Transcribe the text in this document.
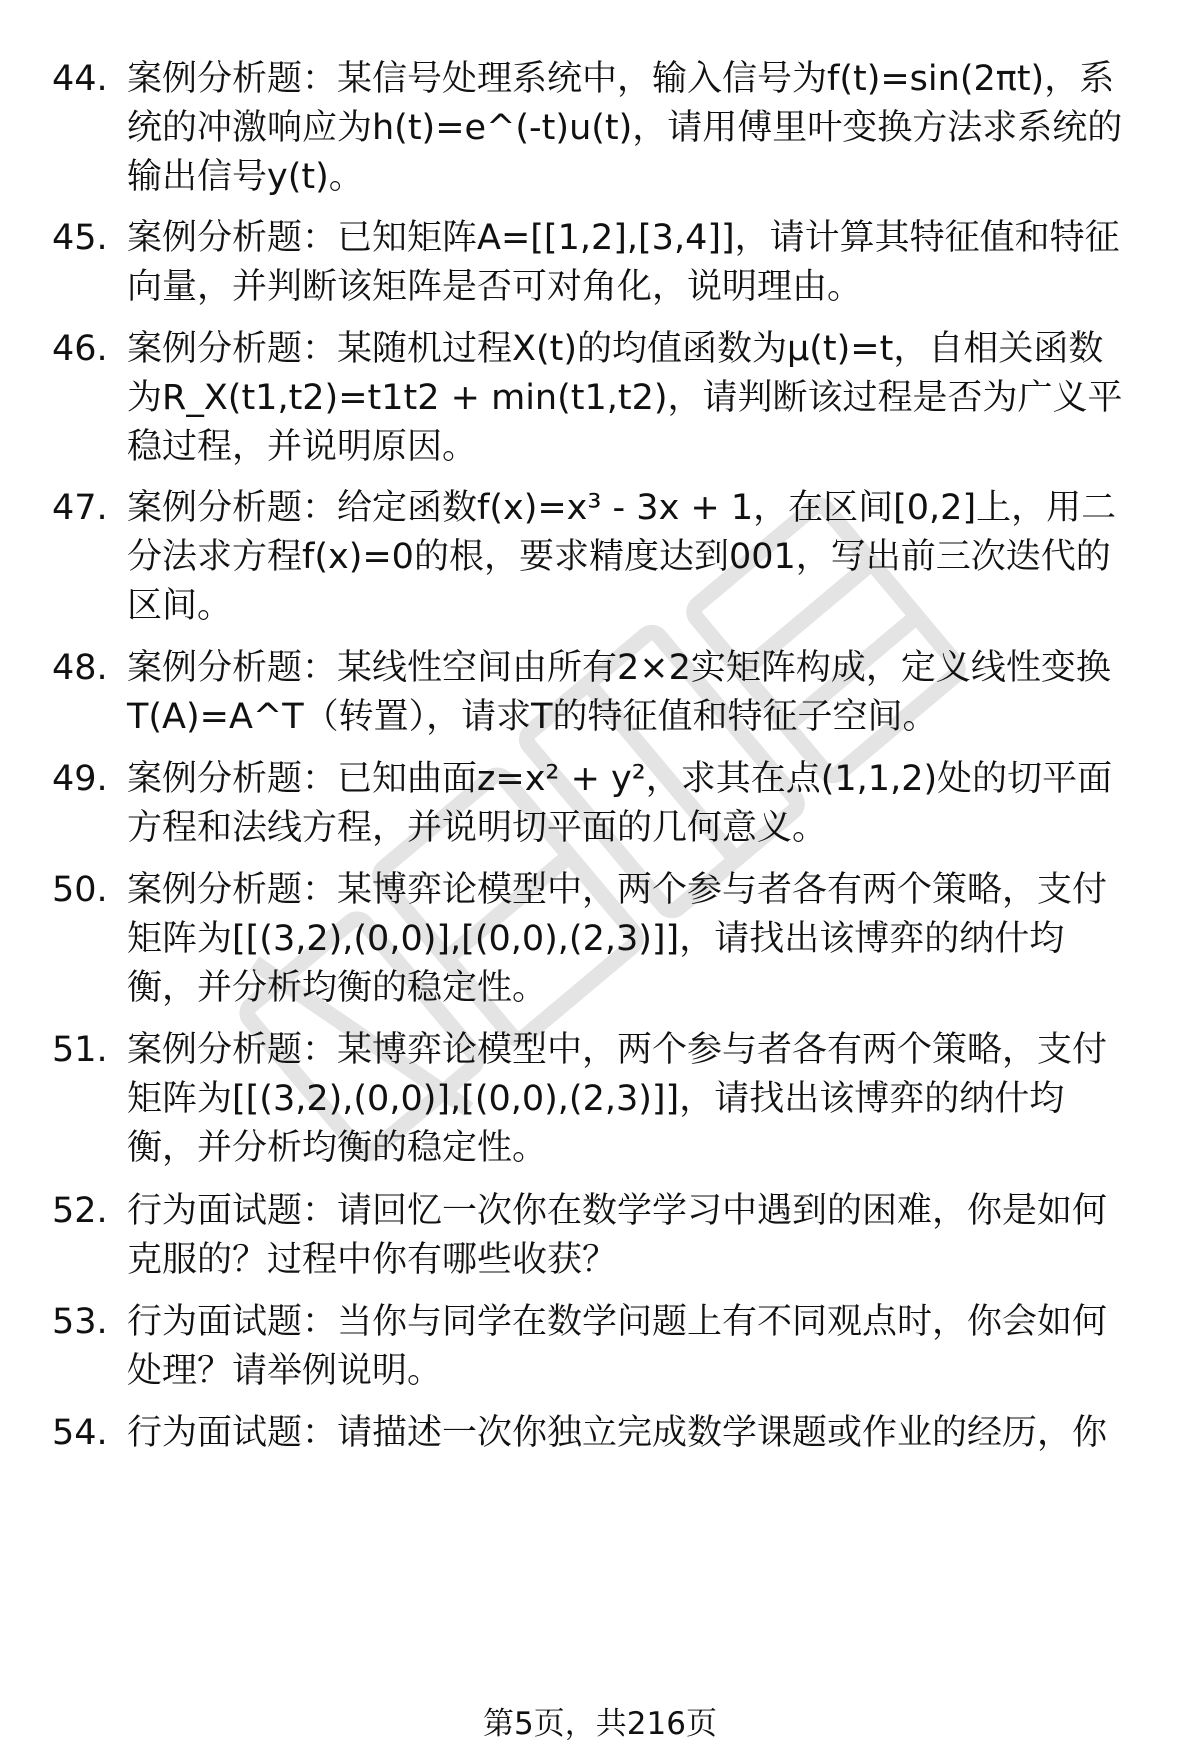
44. 案例分析题：某信号处理系统中，输入信号为f(t)=sin(2πt)，系统的冲激响应为h(t)=e^(-t)u(t)，请用傅里叶变换方法求系统的输出信号y(t)。
45. 案例分析题：已知矩阵A=[[1,2],[3,4]]，请计算其特征值和特征向量，并判断该矩阵是否可对角化，说明理由。
46. 案例分析题：某随机过程X(t)的均值函数为μ(t)=t，自相关函数为R_X(t1,t2)=t1t2 + min(t1,t2)，请判断该过程是否为广义平稳过程，并说明原因。
47. 案例分析题：给定函数f(x)=x³ - 3x + 1，在区间[0,2]上，用二分法求方程f(x)=0的根，要求精度达到001，写出前三次迭代的区间。
48. 案例分析题：某线性空间由所有2×2实矩阵构成，定义线性变换T(A)=A^T（转置），请求T的特征值和特征子空间。
49. 案例分析题：已知曲面z=x² + y²，求其在点(1,1,2)处的切平面方程和法线方程，并说明切平面的几何意义。
50. 案例分析题：某博弈论模型中，两个参与者各有两个策略，支付矩阵为[[(3,2),(0,0)],[(0,0),(2,3)]]，请找出该博弈的纳什均衡，并分析均衡的稳定性。
51. 案例分析题：某博弈论模型中，两个参与者各有两个策略，支付矩阵为[[(3,2),(0,0)],[(0,0),(2,3)]]，请找出该博弈的纳什均衡，并分析均衡的稳定性。
52. 行为面试题：请回忆一次你在数学学习中遇到的困难，你是如何克服的？过程中你有哪些收获？
53. 行为面试题：当你与同学在数学问题上有不同观点时，你会如何处理？请举例说明。
54. 行为面试题：请描述一次你独立完成数学课题或作业的经历，你
第5页，共216页
